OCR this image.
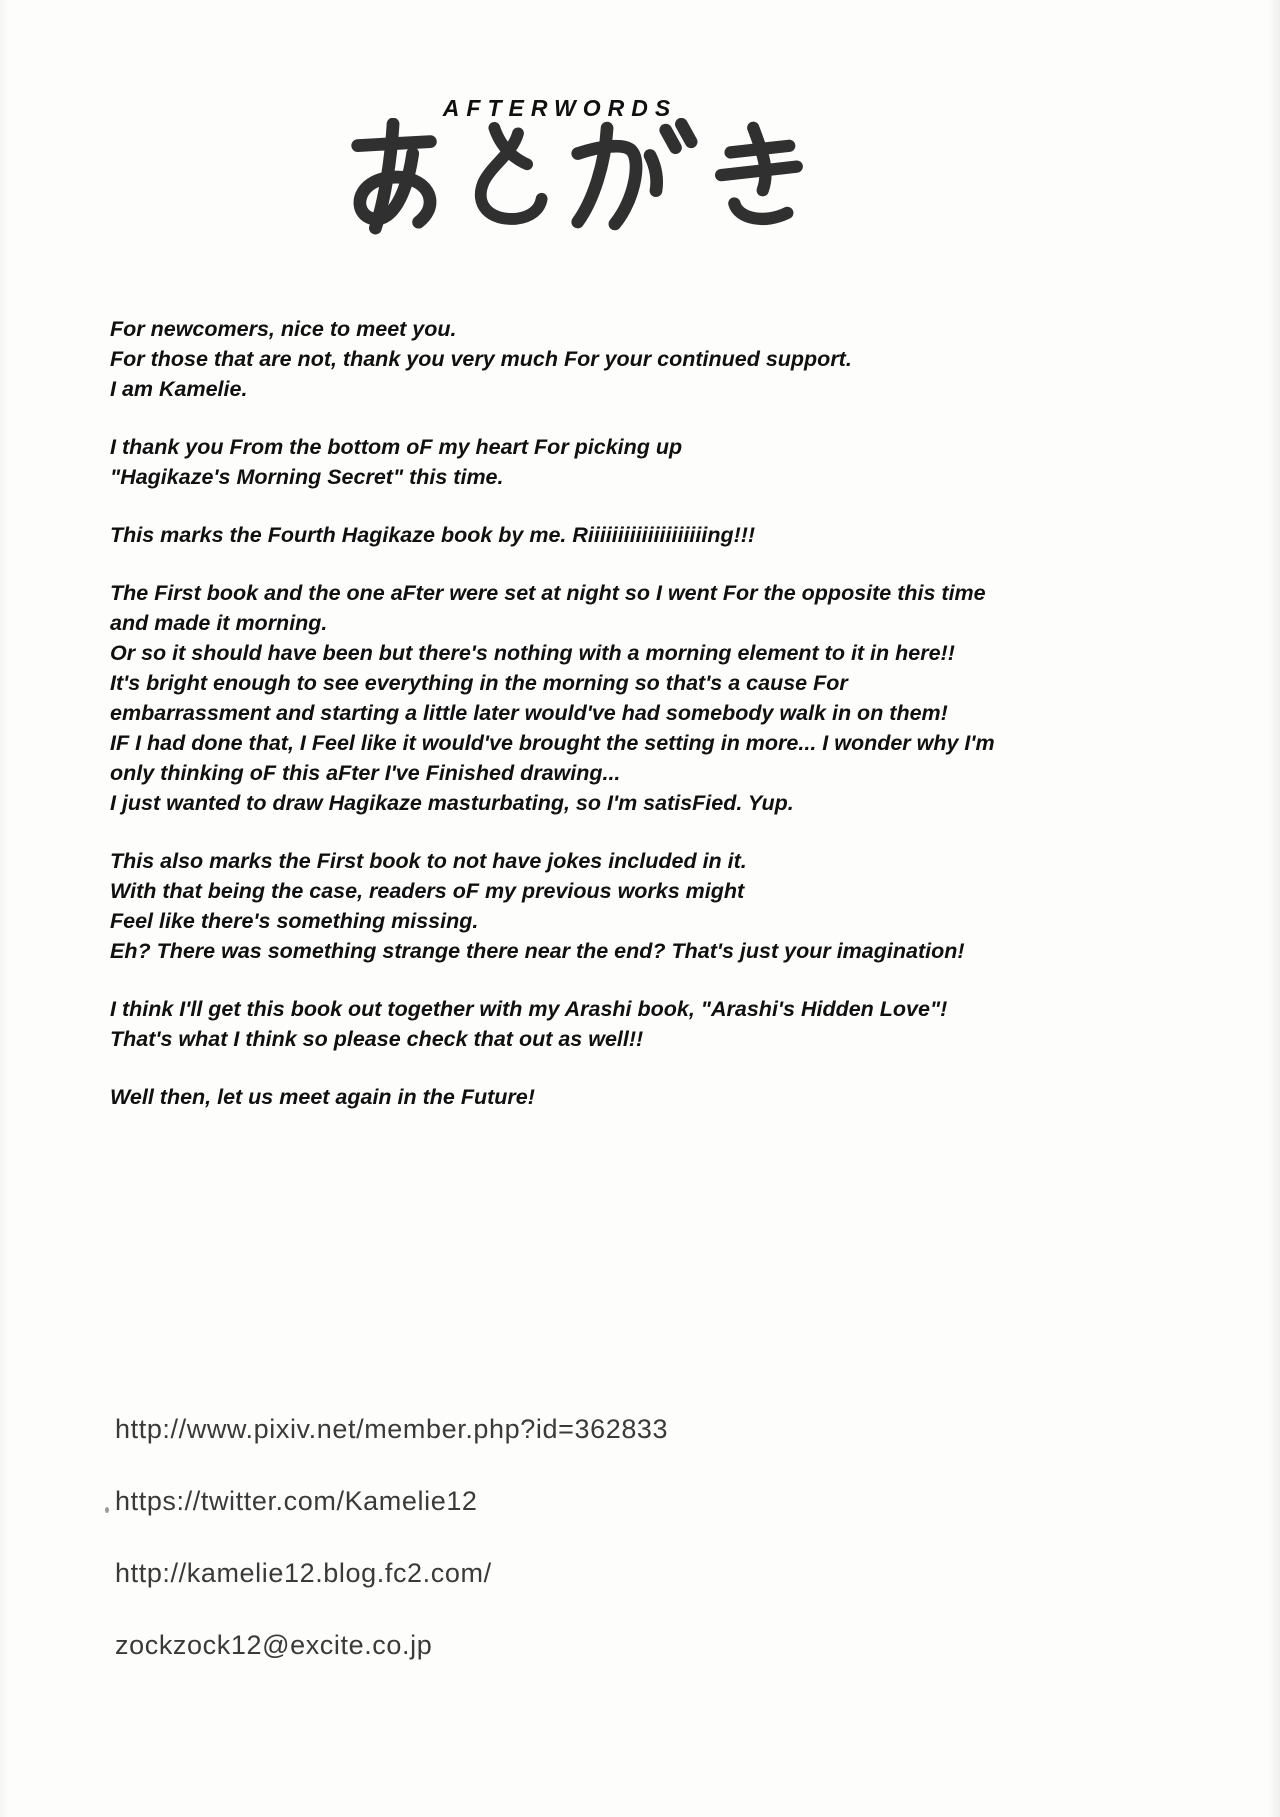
AFTERWORDS
For newcomers, nice to meet you.
For those that are not, thank you very much For your continued support.
I am Kamelie.
I thank you From the bottom oF my heart For picking up
"Hagikaze's Morning Secret" this time.
This marks the Fourth Hagikaze book by me. Riiiiiiiiiiiiiiiiiiiing!!!
The First book and the one aFter were set at night so I went For the opposite this time
and made it morning.
Or so it should have been but there's nothing with a morning element to it in here!!
It's bright enough to see everything in the morning so that's a cause For
embarrassment and starting a little later would've had somebody walk in on them!
IF I had done that, I Feel like it would've brought the setting in more... I wonder why I'm
only thinking oF this aFter I've Finished drawing...
I just wanted to draw Hagikaze masturbating, so I'm satisFied. Yup.
This also marks the First book to not have jokes included in it.
With that being the case, readers oF my previous works might
Feel like there's something missing.
Eh? There was something strange there near the end? That's just your imagination!
I think I'll get this book out together with my Arashi book, "Arashi's Hidden Love"!
That's what I think so please check that out as well!!
Well then, let us meet again in the Future!
http://www.pixiv.net/member.php?id=362833
https://twitter.com/Kamelie12
http://kamelie12.blog.fc2.com/
zockzock12@excite.co.jp
